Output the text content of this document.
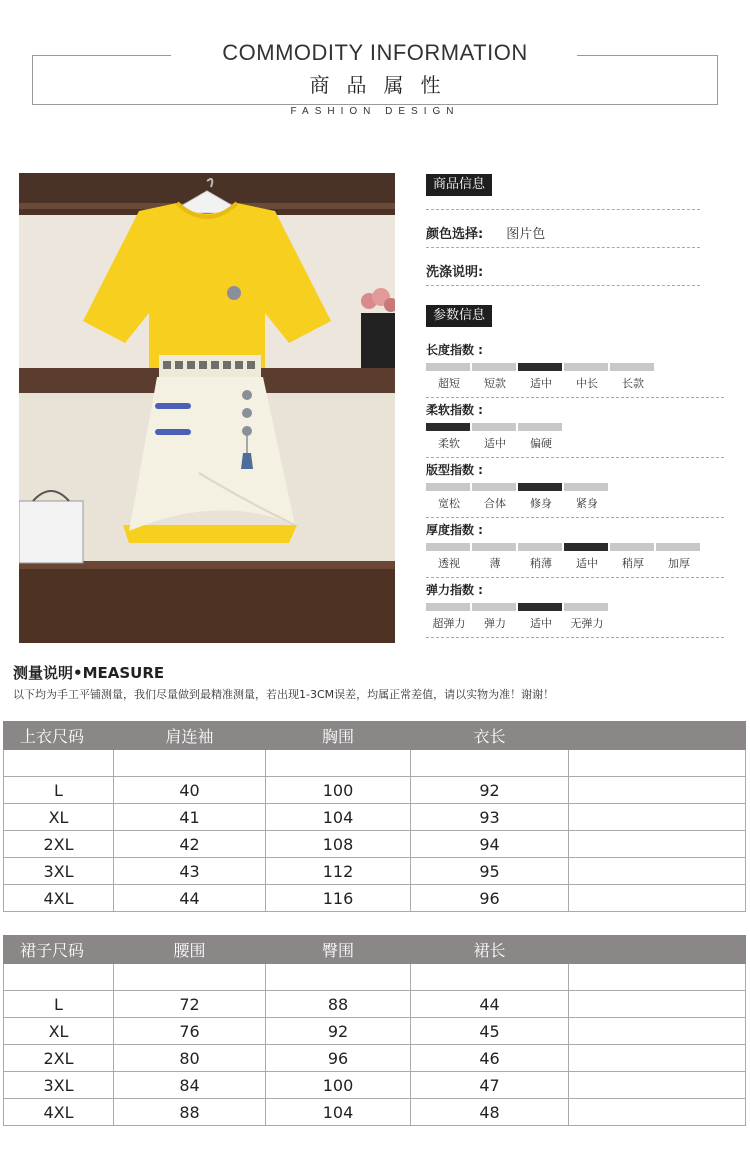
COMMODITY INFORMATION
商品属性
FASHION DESIGN
商品信息
颜色选择: 图片色
洗涤说明:
参数信息
长度指数 :
超短	短款	适中	中长	长款
柔软指数 :
柔软	适中	偏硬
版型指数 :
宽松	合体	修身	紧身
厚度指数 :
透视	薄	稍薄	适中	稍厚	加厚
弹力指数 :
超弹力	弹力	适中	无弹力
测量说明•MEASURE
以下均为手工平铺测量，我们尽量做到最精准测量，若出现1-3CM误差，均属正常差值，请以实物为准！谢谢！
上衣尺码	肩连袖	胸围	衣长	

L	40	100	92	
XL	41	104	93	
2XL	42	108	94	
3XL	43	112	95	
4XL	44	116	96	
裙子尺码	腰围	臀围	裙长	

L	72	88	44	
XL	76	92	45	
2XL	80	96	46	
3XL	84	100	47	
4XL	88	104	48	
